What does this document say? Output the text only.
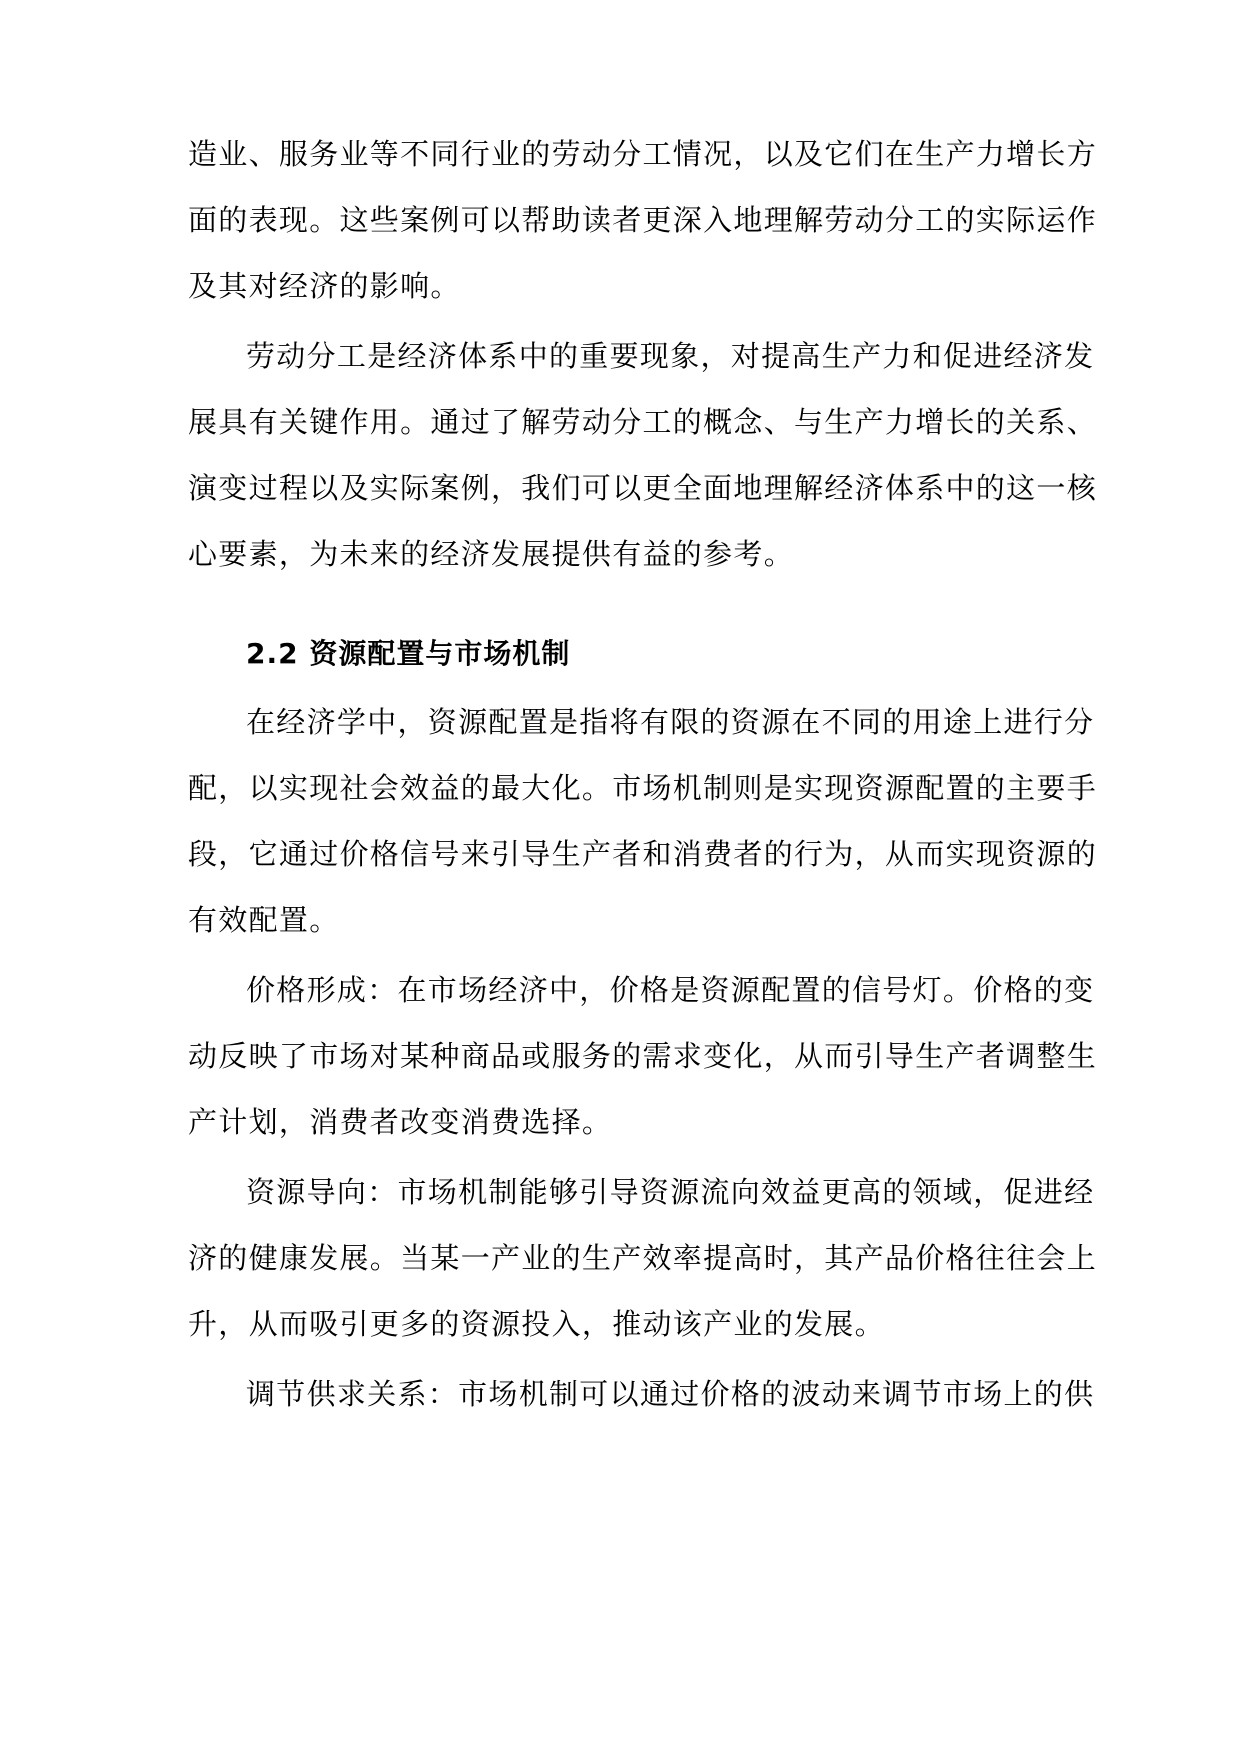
造业、服务业等不同行业的劳动分工情况，以及它们在生产力增长方
面的表现。这些案例可以帮助读者更深入地理解劳动分工的实际运作
及其对经济的影响。
劳动分工是经济体系中的重要现象，对提高生产力和促进经济发
展具有关键作用。通过了解劳动分工的概念、与生产力增长的关系、
演变过程以及实际案例，我们可以更全面地理解经济体系中的这一核
心要素，为未来的经济发展提供有益的参考。
2.2 资源配置与市场机制
在经济学中，资源配置是指将有限的资源在不同的用途上进行分
配，以实现社会效益的最大化。市场机制则是实现资源配置的主要手
段，它通过价格信号来引导生产者和消费者的行为，从而实现资源的
有效配置。
价格形成：在市场经济中，价格是资源配置的信号灯。价格的变
动反映了市场对某种商品或服务的需求变化，从而引导生产者调整生
产计划，消费者改变消费选择。
资源导向：市场机制能够引导资源流向效益更高的领域，促进经
济的健康发展。当某一产业的生产效率提高时，其产品价格往往会上
升，从而吸引更多的资源投入，推动该产业的发展。
调节供求关系：市场机制可以通过价格的波动来调节市场上的供
